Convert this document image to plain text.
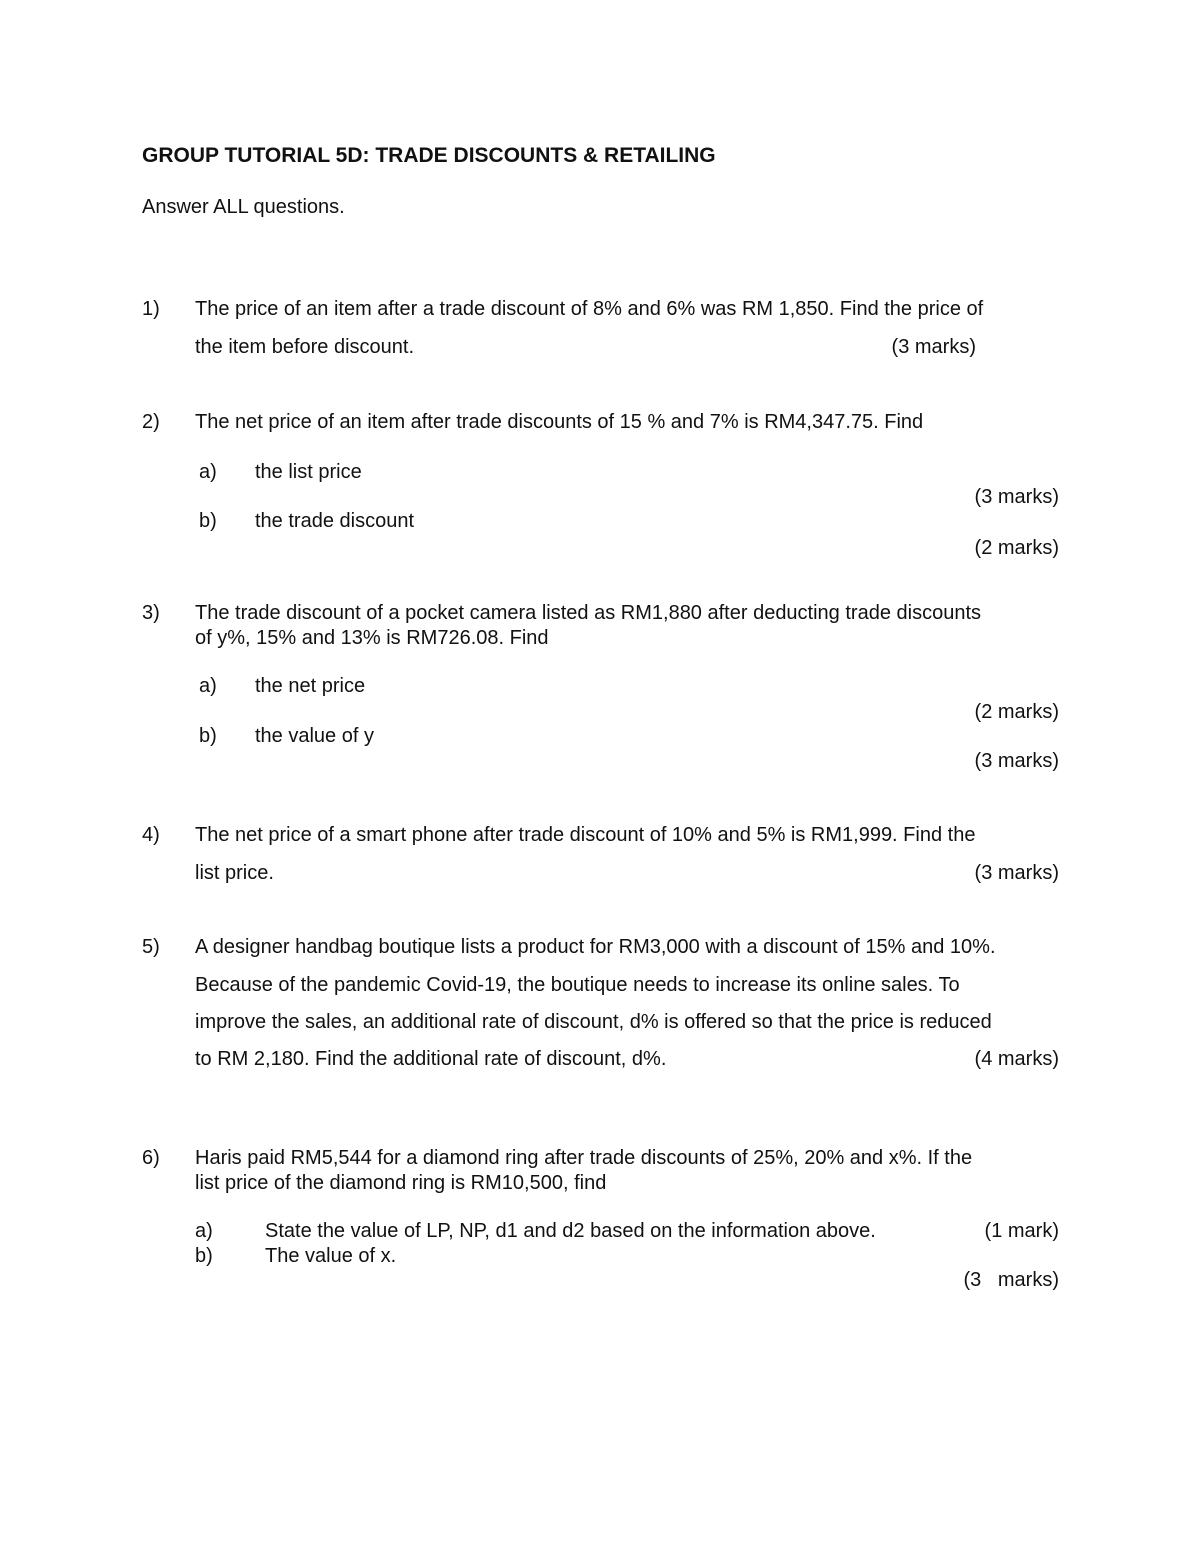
GROUP TUTORIAL 5D: TRADE DISCOUNTS & RETAILING
Answer ALL questions.
1) The price of an item after a trade discount of 8% and 6% was RM 1,850. Find the price of
the item before discount.	(3 marks)
2) The net price of an item after trade discounts of 15 % and 7% is RM4,347.75. Find
a) the list price
(3 marks)
b) the trade discount
(2 marks)
3) The trade discount of a pocket camera listed as RM1,880 after deducting trade discounts
of y%, 15% and 13% is RM726.08. Find
a) the net price
(2 marks)
b) the value of y
(3 marks)
4) The net price of a smart phone after trade discount of 10% and 5% is RM1,999. Find the
list price.	(3 marks)
5) A designer handbag boutique lists a product for RM3,000 with a discount of 15% and 10%.
Because of the pandemic Covid-19, the boutique needs to increase its online sales. To
improve the sales, an additional rate of discount, d% is offered so that the price is reduced
to RM 2,180. Find the additional rate of discount, d%.	(4 marks)
6) Haris paid RM5,544 for a diamond ring after trade discounts of 25%, 20% and x%. If the
list price of the diamond ring is RM10,500, find
a)	State the value of LP, NP, d1 and d2 based on the information above.	(1 mark)
b)	The value of x.
(3   marks)
